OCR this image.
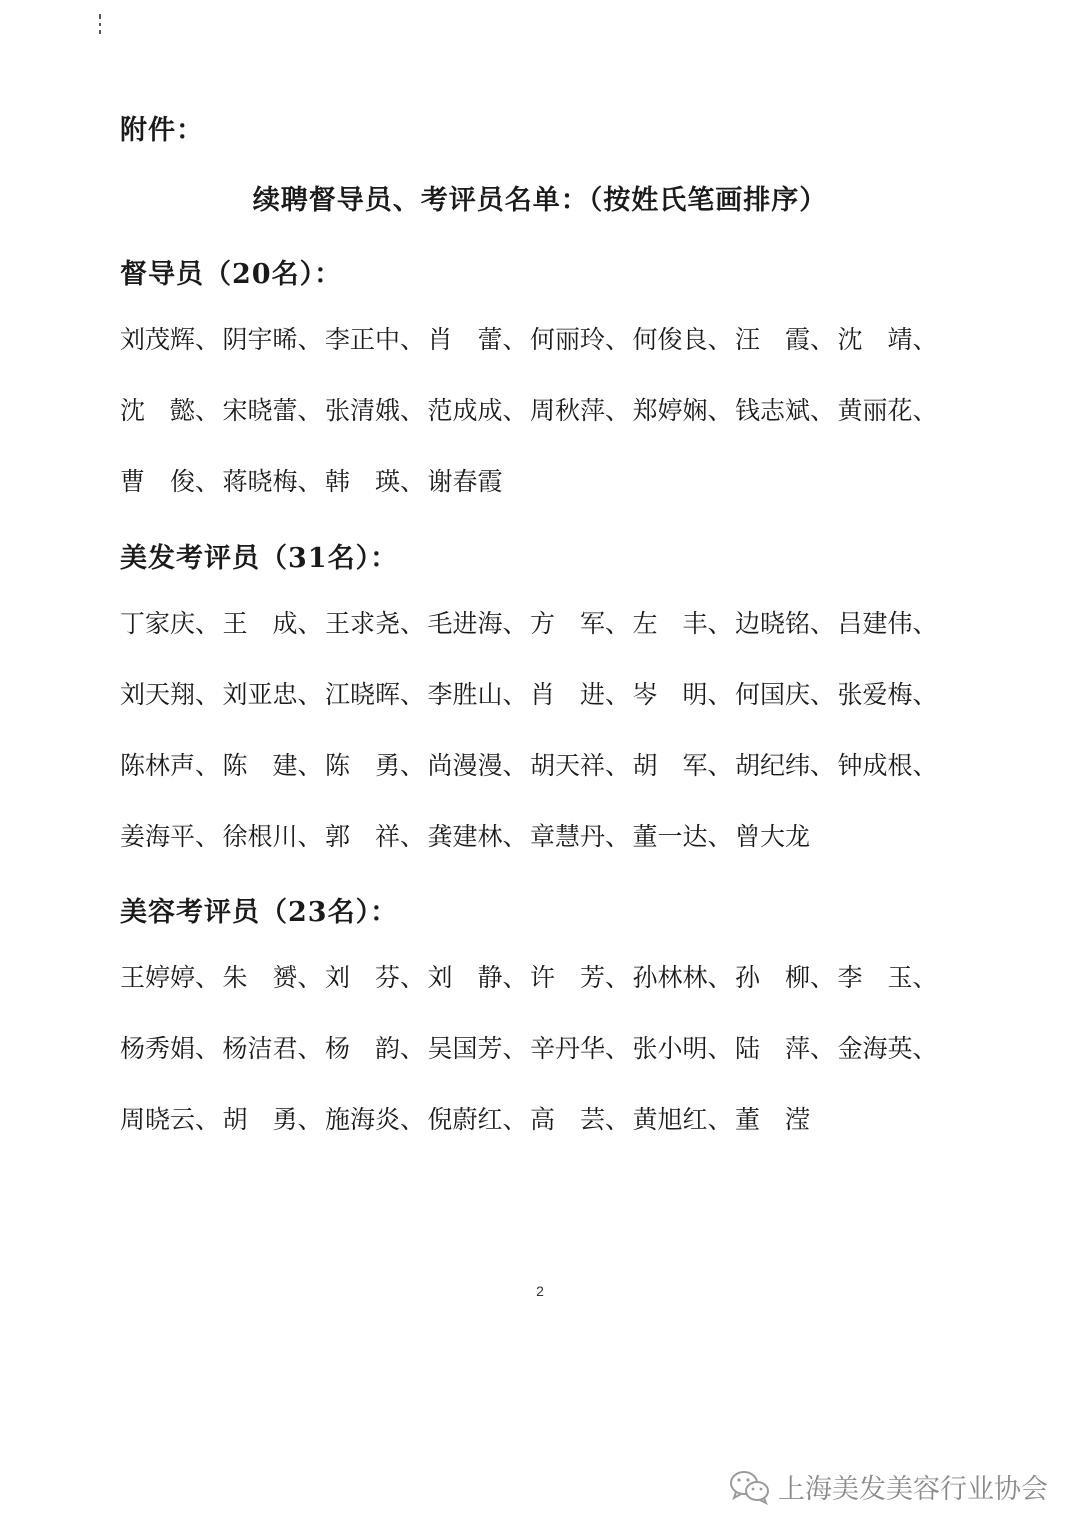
附件：
续聘督导员、考评员名单：（按姓氏笔画排序）
督导员（20名）：
刘茂辉、 阴宇晞、 李正中、 肖　蕾、 何丽玲、 何俊良、 汪　霞、 沈　靖、
沈　懿、 宋晓蕾、 张清娥、 范成成、 周秋萍、 郑婷娴、 钱志斌、 黄丽花、
曹　俊、 蒋晓梅、 韩　瑛、 谢春霞
美发考评员（31名）：
丁家庆、 王　成、 王求尧、 毛进海、 方　军、 左　丰、 边晓铭、 吕建伟、
刘天翔、 刘亚忠、 江晓晖、 李胜山、 肖　进、 岑　明、 何国庆、 张爱梅、
陈林声、 陈　建、 陈　勇、 尚漫漫、 胡天祥、 胡　军、 胡纪纬、 钟成根、
姜海平、 徐根川、 郭　祥、 龚建林、 章慧丹、 董一达、 曾大龙
美容考评员（23名）：
王婷婷、 朱　赟、 刘　芬、 刘　静、 许　芳、 孙林林、 孙　柳、 李　玉、
杨秀娟、 杨洁君、 杨　韵、 吴国芳、 辛丹华、 张小明、 陆　萍、 金海英、
周晓云、 胡　勇、 施海炎、 倪蔚红、 高　芸、 黄旭红、 董　滢
2
上海美发美容行业协会
